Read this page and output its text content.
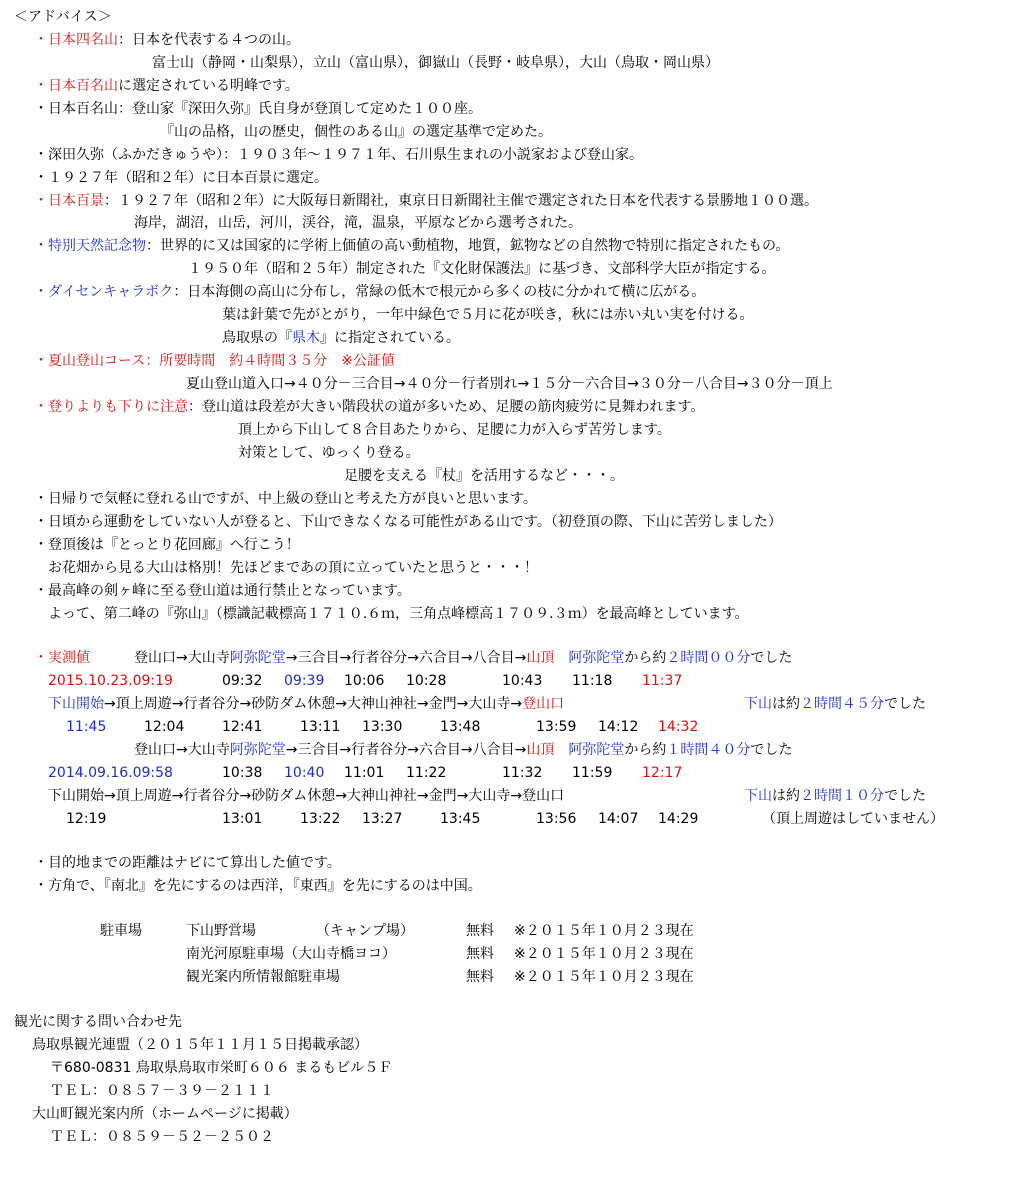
＜アドバイス＞
・日本四名山：日本を代表する４つの山。
富士山（静岡・山梨県），立山（富山県），御嶽山（長野・岐阜県），大山（鳥取・岡山県）
・日本百名山に選定されている明峰です。
・日本百名山：登山家『深田久弥』氏自身が登頂して定めた１００座。
『山の品格，山の歴史，個性のある山』の選定基準で定めた。
・深田久弥（ふかだきゅうや）：１９０３年～１９７１年、石川県生まれの小説家および登山家。
・１９２７年（昭和２年）に日本百景に選定。
・日本百景：１９２７年（昭和２年）に大阪毎日新聞社，東京日日新聞社主催で選定された日本を代表する景勝地１００選。
海岸，湖沼，山岳，河川，渓谷，滝，温泉，平原などから選考された。
・特別天然記念物：世界的に又は国家的に学術上価値の高い動植物，地質，鉱物などの自然物で特別に指定されたもの。
１９５０年（昭和２５年）制定された『文化財保護法』に基づき、文部科学大臣が指定する。
・ダイセンキャラボク：日本海側の高山に分布し，常緑の低木で根元から多くの枝に分かれて横に広がる。
葉は針葉で先がとがり，一年中緑色で５月に花が咲き，秋には赤い丸い実を付ける。
鳥取県の『県木』に指定されている。
・夏山登山コース：所要時間　約４時間３５分　※公証値
夏山登山道入口→４０分－三合目→４０分－行者別れ→１５分－六合目→３０分－八合目→３０分－頂上
・登りよりも下りに注意：登山道は段差が大きい階段状の道が多いため、足腰の筋肉疲労に見舞われます。
頂上から下山して８合目あたりから、足腰に力が入らず苦労します。
対策として、ゆっくり登る。
足腰を支える『杖』を活用するなど・・・。
・日帰りで気軽に登れる山ですが、中上級の登山と考えた方が良いと思います。
・日頃から運動をしていない人が登ると、下山できなくなる可能性がある山です。（初登頂の際、下山に苦労しました）
・登頂後は『とっとり花回廊』へ行こう！
お花畑から見る大山は格別！先ほどまであの頂に立っていたと思うと・・・！
・最高峰の剣ヶ峰に至る登山道は通行禁止となっています。
よって、第二峰の『弥山』（標識記載標高１７１０.６ｍ，三角点峰標高１７０９.３ｍ）を最高峰としています。
・実測値	登山口→大山寺阿弥陀堂→三合目→行者谷分→六合目→八合目→山頂　 阿弥陀堂から約２時間００分でした
2015.10.23.09:19	09:32 09:39 10:06 10:28	10:43 11:18 11:37
下山開始→頂上周遊→行者谷分→砂防ダム休憩→大神山神社→金門→大山寺→登山口	下山は約２時間４５分でした
11:45	12:04	12:41	13:11 13:30	13:48	13:59 14:12 14:32
登山口→大山寺阿弥陀堂→三合目→行者谷分→六合目→八合目→山頂　 阿弥陀堂から約１時間４０分でした
2014.09.16.09:58	10:38 10:40 11:01 11:22	11:32 11:59 12:17
下山開始→頂上周遊→行者谷分→砂防ダム休憩→大神山神社→金門→大山寺→登山口	下山は約２時間１０分でした
12:19	13:01	13:22 13:27	13:45	13:56 14:07 14:29	（頂上周遊はしていません）
・目的地までの距離はナビにて算出した値です。
・方角で、『南北』を先にするのは西洋，『東西』を先にするのは中国。
駐車場	下山野営場	（キャンプ場）	無料 ※２０１５年１０月２３現在
南光河原駐車場（大山寺橋ヨコ）	無料 ※２０１５年１０月２３現在
観光案内所情報館駐車場	無料 ※２０１５年１０月２３現在
観光に関する問い合わせ先
鳥取県観光連盟（２０１５年１１月１５日掲載承認）
〒680-0831 鳥取県鳥取市栄町６０６ まるもビル５Ｆ
ＴＥＬ：０８５７－３９－２１１１
大山町観光案内所（ホームページに掲載）
ＴＥＬ：０８５９－５２－２５０２
